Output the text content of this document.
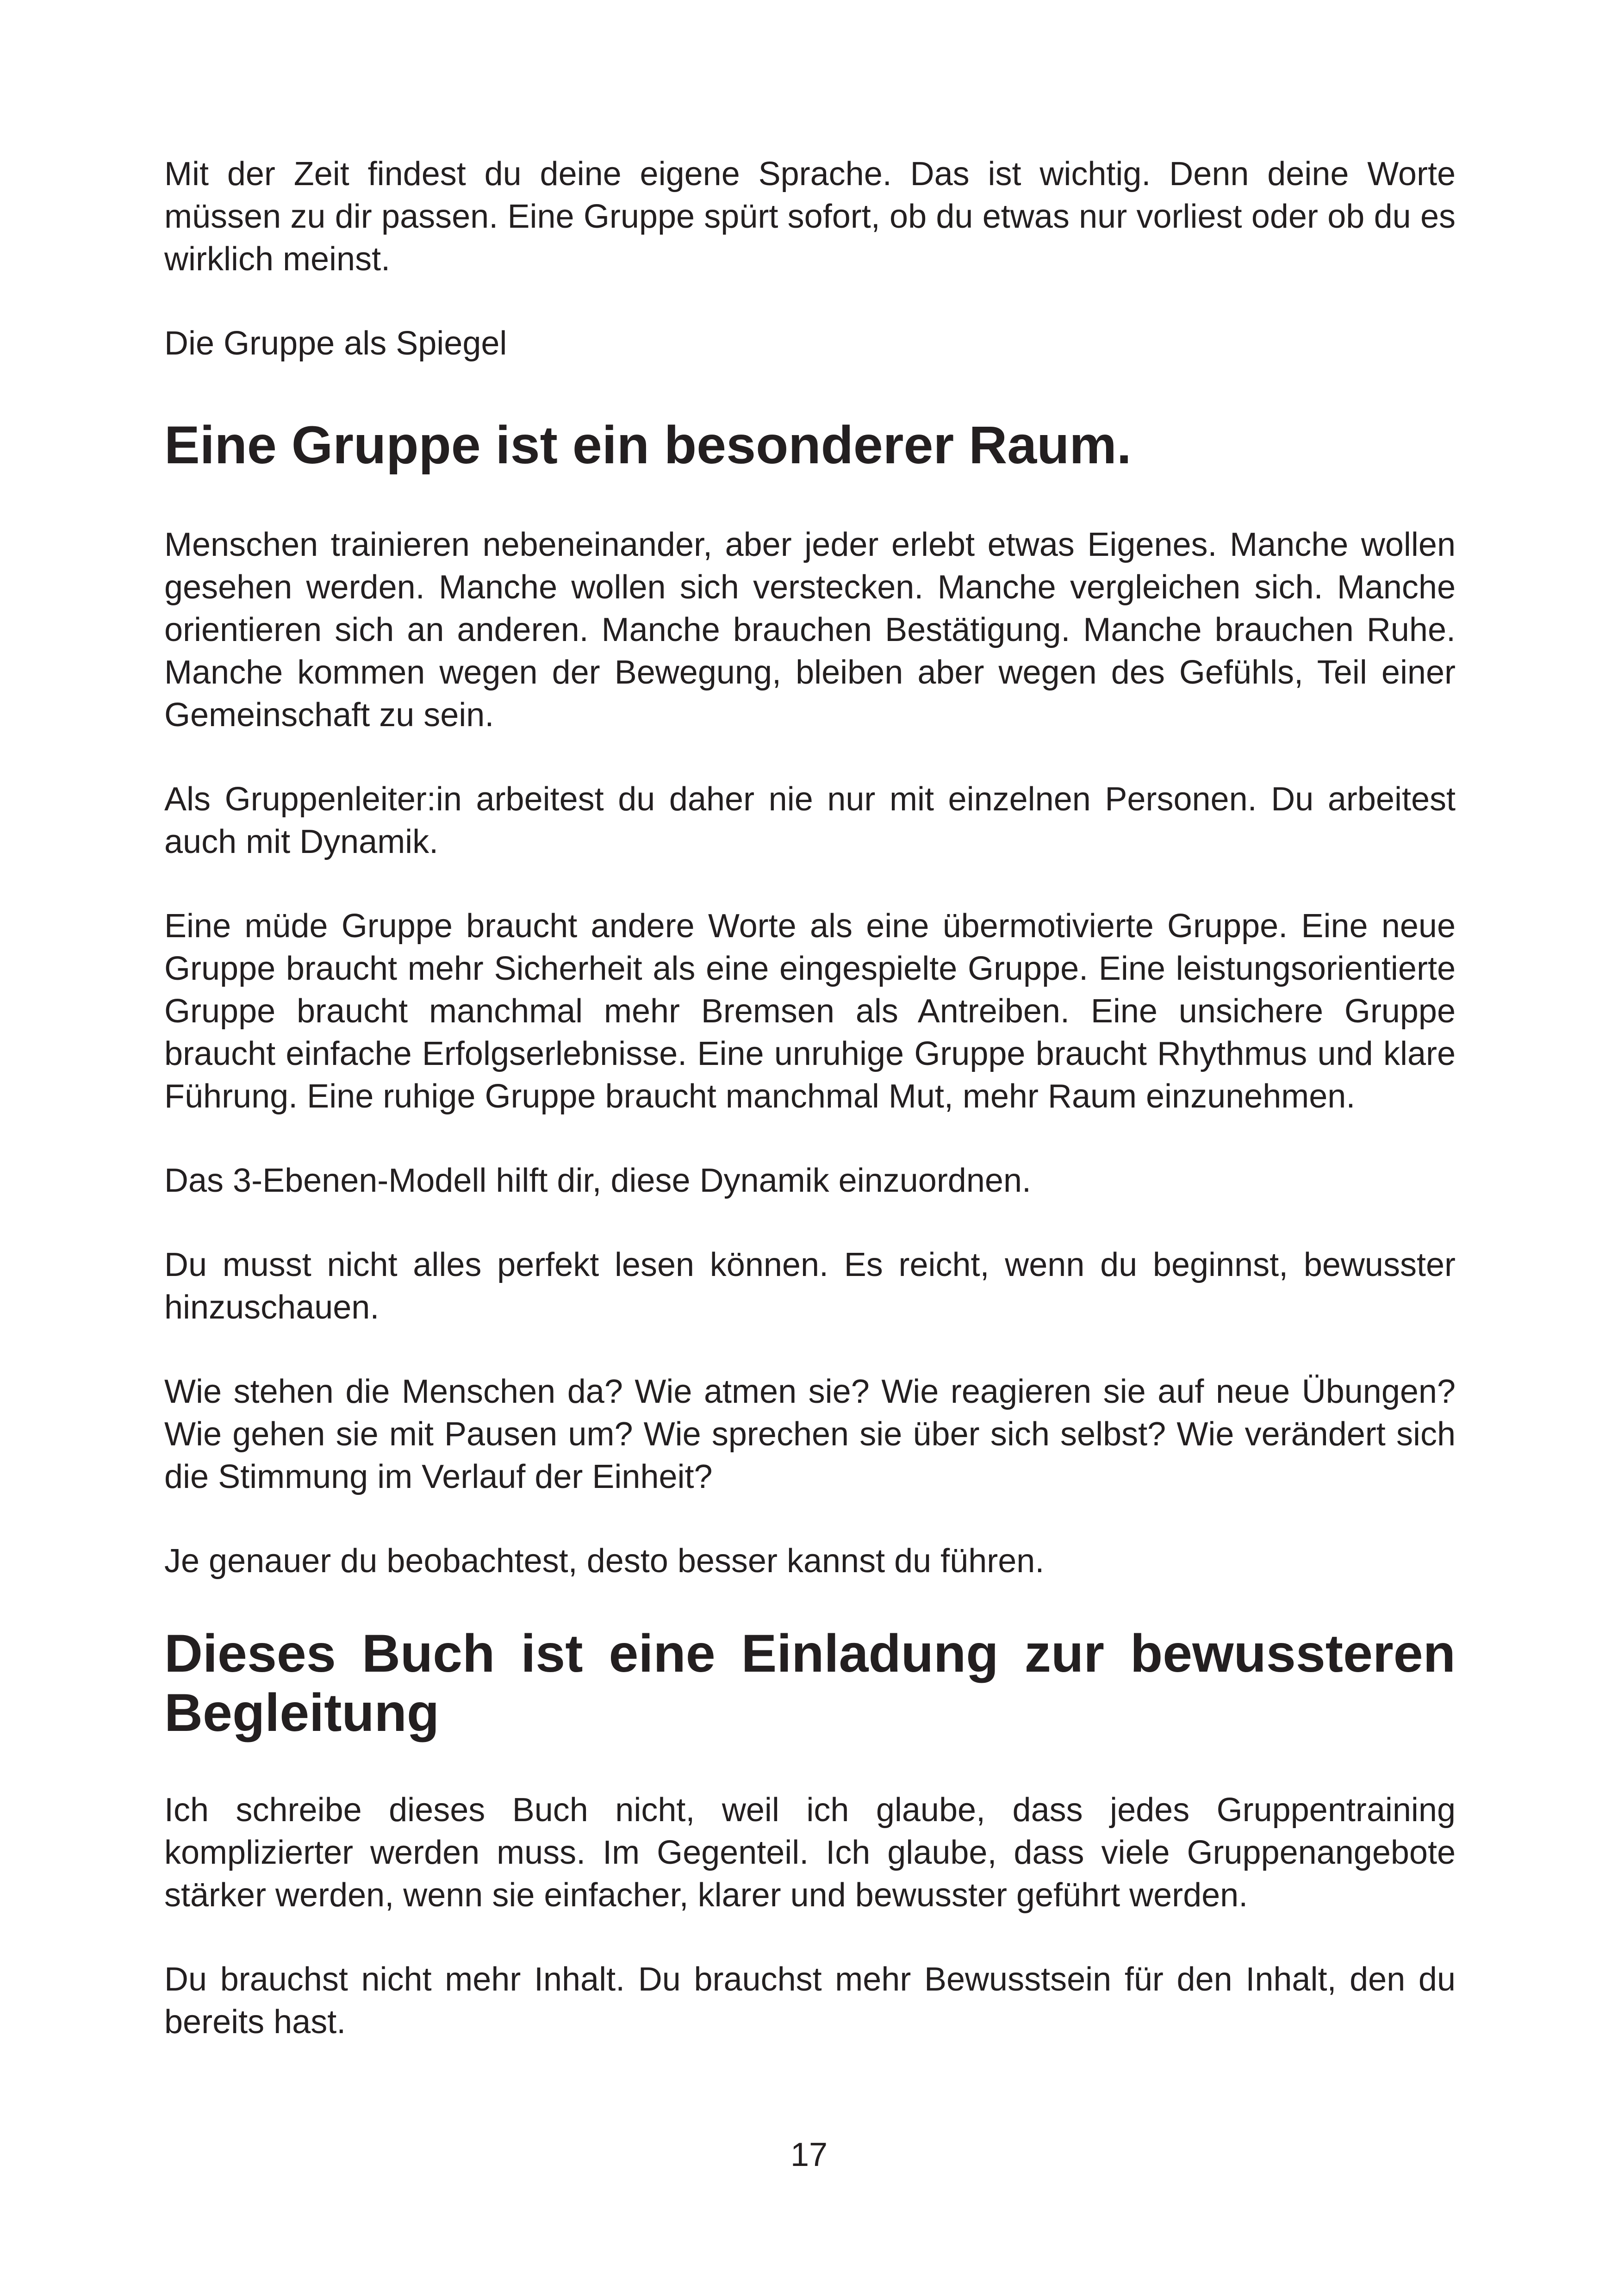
Mit der Zeit findest du deine eigene Sprache. Das ist wichtig. Denn deine Worte müssen zu dir passen. Eine Gruppe spürt sofort, ob du etwas nur vorliest oder ob du es wirklich meinst.

Die Gruppe als Spiegel

Eine Gruppe ist ein besonderer Raum.

Menschen trainieren nebeneinander, aber jeder erlebt etwas Eigenes. Manche wollen gesehen werden. Manche wollen sich verstecken. Manche vergleichen sich. Manche orientieren sich an anderen. Manche brauchen Bestätigung. Manche brauchen Ruhe. Manche kommen wegen der Bewegung, bleiben aber wegen des Gefühls, Teil einer Gemeinschaft zu sein.

Als Gruppenleiter:in arbeitest du daher nie nur mit einzelnen Personen. Du arbeitest auch mit Dynamik.

Eine müde Gruppe braucht andere Worte als eine übermotivierte Gruppe. Eine neue Gruppe braucht mehr Sicherheit als eine eingespielte Gruppe. Eine leistungsorientierte Gruppe braucht manchmal mehr Bremsen als Antreiben. Eine unsichere Gruppe braucht einfache Erfolgserlebnisse. Eine unruhige Gruppe braucht Rhythmus und klare Führung. Eine ruhige Gruppe braucht manchmal Mut, mehr Raum einzunehmen.

Das 3-Ebenen-Modell hilft dir, diese Dynamik einzuordnen.

Du musst nicht alles perfekt lesen können. Es reicht, wenn du beginnst, bewusster hinzuschauen.

Wie stehen die Menschen da? Wie atmen sie? Wie reagieren sie auf neue Übungen? Wie gehen sie mit Pausen um? Wie sprechen sie über sich selbst? Wie verändert sich die Stimmung im Verlauf der Einheit?

Je genauer du beobachtest, desto besser kannst du führen.

Dieses Buch ist eine Einladung zur bewussteren Begleitung

Ich schreibe dieses Buch nicht, weil ich glaube, dass jedes Gruppentraining komplizierter werden muss. Im Gegenteil. Ich glaube, dass viele Gruppenangebote stärker werden, wenn sie einfacher, klarer und bewusster geführt werden.

Du brauchst nicht mehr Inhalt. Du brauchst mehr Bewusstsein für den Inhalt, den du bereits hast.

17
